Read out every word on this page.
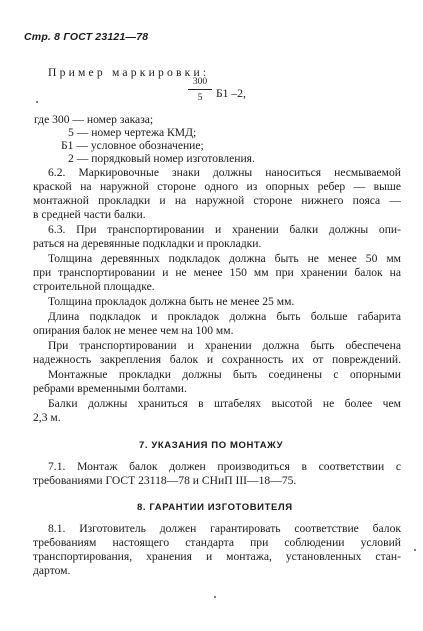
Стр. 8 ГОСТ 23121—78
Пример маркировки:
$\frac{300}{5} Б1$ –2,
где 300 — номер заказа;
5 — номер чертежа КМД;
Б1 — условное обозначение;
2 — порядковый номер изготовления.
6.2. Маркировочные знаки должны наноситься несмываемой
краской на наружной стороне одного из опорных ребер — выше
монтажной прокладки и на наружной стороне нижнего пояса —
в средней части балки.
6.3. При транспортировании и хранении балки должны опи-
раться на деревянные подкладки и прокладки.
Толщина деревянных подкладок должна быть не менее 50 мм
при транспортировании и не менее 150 мм при хранении балок на
строительной площадке.
Толщина прокладок должна быть не менее 25 мм.
Длина подкладок и прокладок должна быть больше габарита
опирания балок не менее чем на 100 мм.
При транспортировании и хранении должна быть обеспечена
надежность закрепления балок и сохранность их от повреждений.
Монтажные прокладки должны быть соединены с опорными
ребрами временными болтами.
Балки должны храниться в штабелях высотой не более чем
2,3 м.
7. УКАЗАНИЯ ПО МОНТАЖУ
7.1. Монтаж балок должен производиться в соответствии с
требованиями ГОСТ 23118—78 и СНиП III—18—75.
8. ГАРАНТИИ ИЗГОТОВИТЕЛЯ
8.1. Изготовитель должен гарантировать соответствие балок
требованиям настоящего стандарта при соблюдении условий
транспортирования, хранения и монтажа, установленных стан-
дартом.
